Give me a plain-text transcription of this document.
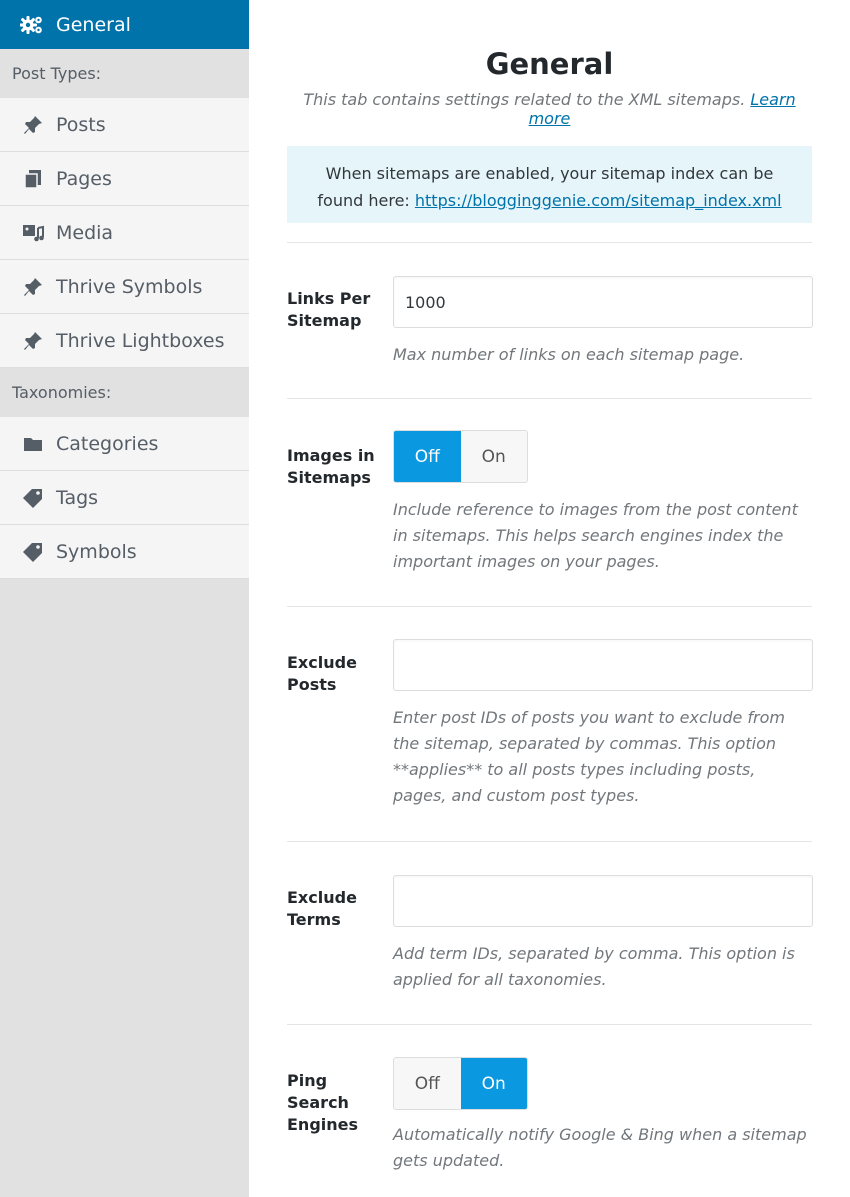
General
Post Types:
Posts
Pages
Media
Thrive Symbols
Thrive Lightboxes
Taxonomies:
Categories
Tags
Symbols
General
This tab contains settings related to the XML sitemaps. Learn more
When sitemaps are enabled, your sitemap index can be found here: https://blogginggenie.com/sitemap_index.xml
Links Per Sitemap
1000
Max number of links on each sitemap page.
Images in Sitemaps
Off	On
Include reference to images from the post content in sitemaps. This helps search engines index the important images on your pages.
Exclude Posts
Enter post IDs of posts you want to exclude from the sitemap, separated by commas. This option **applies** to all posts types including posts, pages, and custom post types.
Exclude Terms
Add term IDs, separated by comma. This option is applied for all taxonomies.
Ping Search Engines
Off	On
Automatically notify Google & Bing when a sitemap gets updated.
